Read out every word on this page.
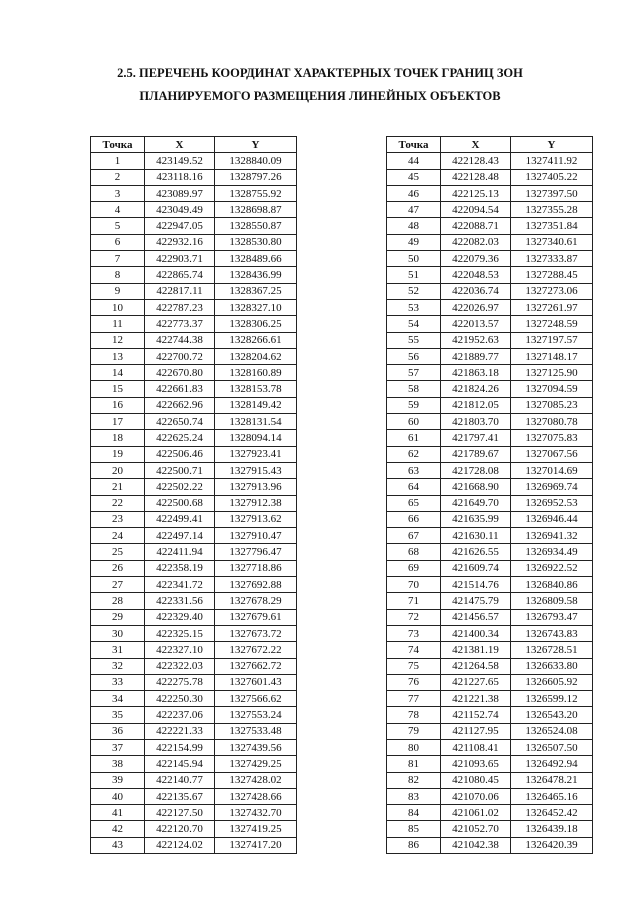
2.5. ПЕРЕЧЕНЬ КООРДИНАТ ХАРАКТЕРНЫХ ТОЧЕК ГРАНИЦ ЗОН
ПЛАНИРУЕМОГО РАЗМЕЩЕНИЯ ЛИНЕЙНЫХ ОБЪЕКТОВ
Точка	X	Y
1	423149.52	1328840.09
2	423118.16	1328797.26
3	423089.97	1328755.92
4	423049.49	1328698.87
5	422947.05	1328550.87
6	422932.16	1328530.80
7	422903.71	1328489.66
8	422865.74	1328436.99
9	422817.11	1328367.25
10	422787.23	1328327.10
11	422773.37	1328306.25
12	422744.38	1328266.61
13	422700.72	1328204.62
14	422670.80	1328160.89
15	422661.83	1328153.78
16	422662.96	1328149.42
17	422650.74	1328131.54
18	422625.24	1328094.14
19	422506.46	1327923.41
20	422500.71	1327915.43
21	422502.22	1327913.96
22	422500.68	1327912.38
23	422499.41	1327913.62
24	422497.14	1327910.47
25	422411.94	1327796.47
26	422358.19	1327718.86
27	422341.72	1327692.88
28	422331.56	1327678.29
29	422329.40	1327679.61
30	422325.15	1327673.72
31	422327.10	1327672.22
32	422322.03	1327662.72
33	422275.78	1327601.43
34	422250.30	1327566.62
35	422237.06	1327553.24
36	422221.33	1327533.48
37	422154.99	1327439.56
38	422145.94	1327429.25
39	422140.77	1327428.02
40	422135.67	1327428.66
41	422127.50	1327432.70
42	422120.70	1327419.25
43	422124.02	1327417.20
Точка	X	Y
44	422128.43	1327411.92
45	422128.48	1327405.22
46	422125.13	1327397.50
47	422094.54	1327355.28
48	422088.71	1327351.84
49	422082.03	1327340.61
50	422079.36	1327333.87
51	422048.53	1327288.45
52	422036.74	1327273.06
53	422026.97	1327261.97
54	422013.57	1327248.59
55	421952.63	1327197.57
56	421889.77	1327148.17
57	421863.18	1327125.90
58	421824.26	1327094.59
59	421812.05	1327085.23
60	421803.70	1327080.78
61	421797.41	1327075.83
62	421789.67	1327067.56
63	421728.08	1327014.69
64	421668.90	1326969.74
65	421649.70	1326952.53
66	421635.99	1326946.44
67	421630.11	1326941.32
68	421626.55	1326934.49
69	421609.74	1326922.52
70	421514.76	1326840.86
71	421475.79	1326809.58
72	421456.57	1326793.47
73	421400.34	1326743.83
74	421381.19	1326728.51
75	421264.58	1326633.80
76	421227.65	1326605.92
77	421221.38	1326599.12
78	421152.74	1326543.20
79	421127.95	1326524.08
80	421108.41	1326507.50
81	421093.65	1326492.94
82	421080.45	1326478.21
83	421070.06	1326465.16
84	421061.02	1326452.42
85	421052.70	1326439.18
86	421042.38	1326420.39
